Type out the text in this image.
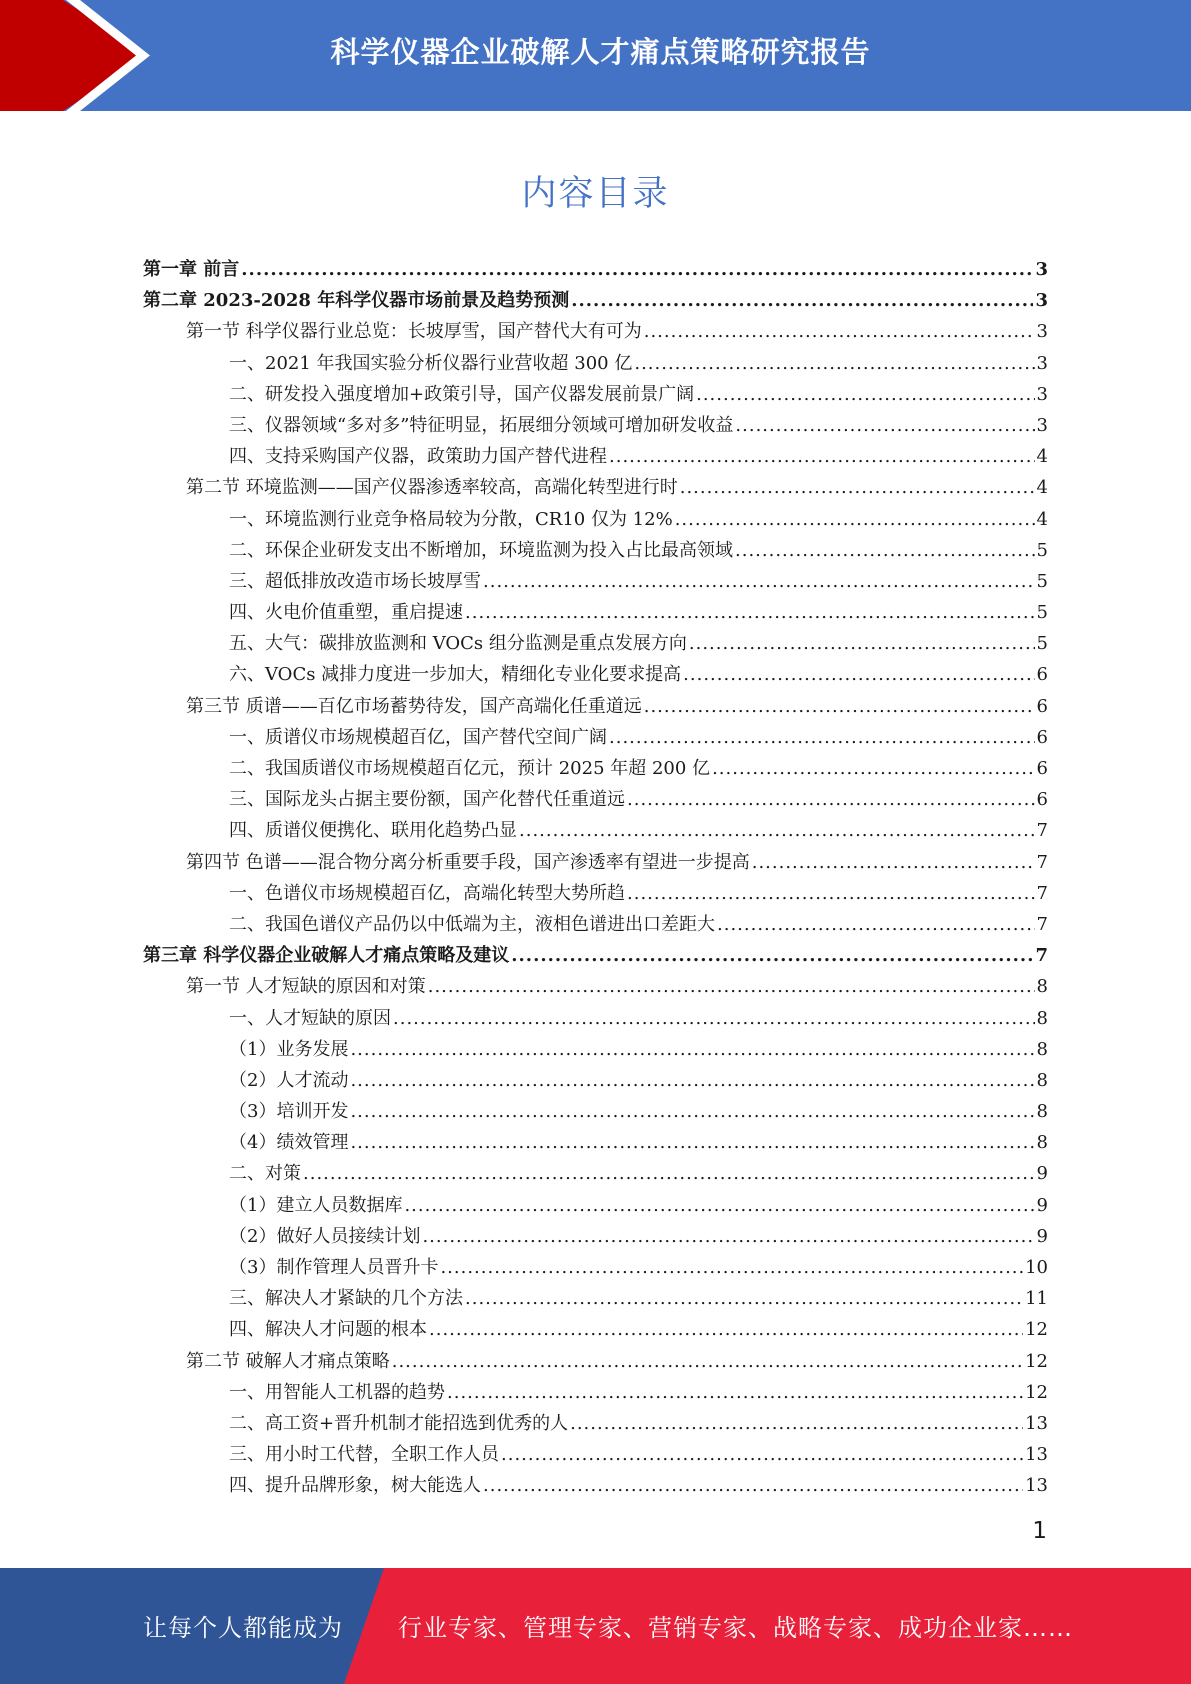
科学仪器企业破解人才痛点策略研究报告
内容目录
第一章 前言 .....	3
第二章 2023-2028 年科学仪器市场前景及趋势预测 .....	3
第一节 科学仪器行业总览：长坡厚雪，国产替代大有可为 .....	3
一、2021 年我国实验分析仪器行业营收超 300 亿 .....	3
二、研发投入强度增加+政策引导，国产仪器发展前景广阔 .....	3
三、仪器领域“多对多”特征明显，拓展细分领域可增加研发收益 .....	3
四、支持采购国产仪器，政策助力国产替代进程 .....	4
第二节 环境监测——国产仪器渗透率较高，高端化转型进行时 .....	4
一、环境监测行业竞争格局较为分散，CR10 仅为 12% .....	4
二、环保企业研发支出不断增加，环境监测为投入占比最高领域 .....	5
三、超低排放改造市场长坡厚雪 .....	5
四、火电价值重塑，重启提速 .....	5
五、大气：碳排放监测和 VOCs 组分监测是重点发展方向 .....	5
六、VOCs 减排力度进一步加大，精细化专业化要求提高 .....	6
第三节 质谱——百亿市场蓄势待发，国产高端化任重道远 .....	6
一、质谱仪市场规模超百亿，国产替代空间广阔 .....	6
二、我国质谱仪市场规模超百亿元，预计 2025 年超 200 亿 .....	6
三、国际龙头占据主要份额，国产化替代任重道远 .....	6
四、质谱仪便携化、联用化趋势凸显 .....	7
第四节 色谱——混合物分离分析重要手段，国产渗透率有望进一步提高 .....	7
一、色谱仪市场规模超百亿，高端化转型大势所趋 .....	7
二、我国色谱仪产品仍以中低端为主，液相色谱进出口差距大 .....	7
第三章 科学仪器企业破解人才痛点策略及建议 .....	7
第一节 人才短缺的原因和对策 .....	8
一、人才短缺的原因 .....	8
（1）业务发展 .....	8
（2）人才流动 .....	8
（3）培训开发 .....	8
（4）绩效管理 .....	8
二、对策 .....	9
（1）建立人员数据库 .....	9
（2）做好人员接续计划 .....	9
（3）制作管理人员晋升卡 .....	10
三、解决人才紧缺的几个方法 .....	11
四、解决人才问题的根本 .....	12
第二节 破解人才痛点策略 .....	12
一、用智能人工机器的趋势 .....	12
二、高工资+晋升机制才能招选到优秀的人 .....	13
三、用小时工代替，全职工作人员 .....	13
四、提升品牌形象，树大能选人 .....	13
1
让每个人都能成为 行业专家、管理专家、营销专家、战略专家、成功企业家……
